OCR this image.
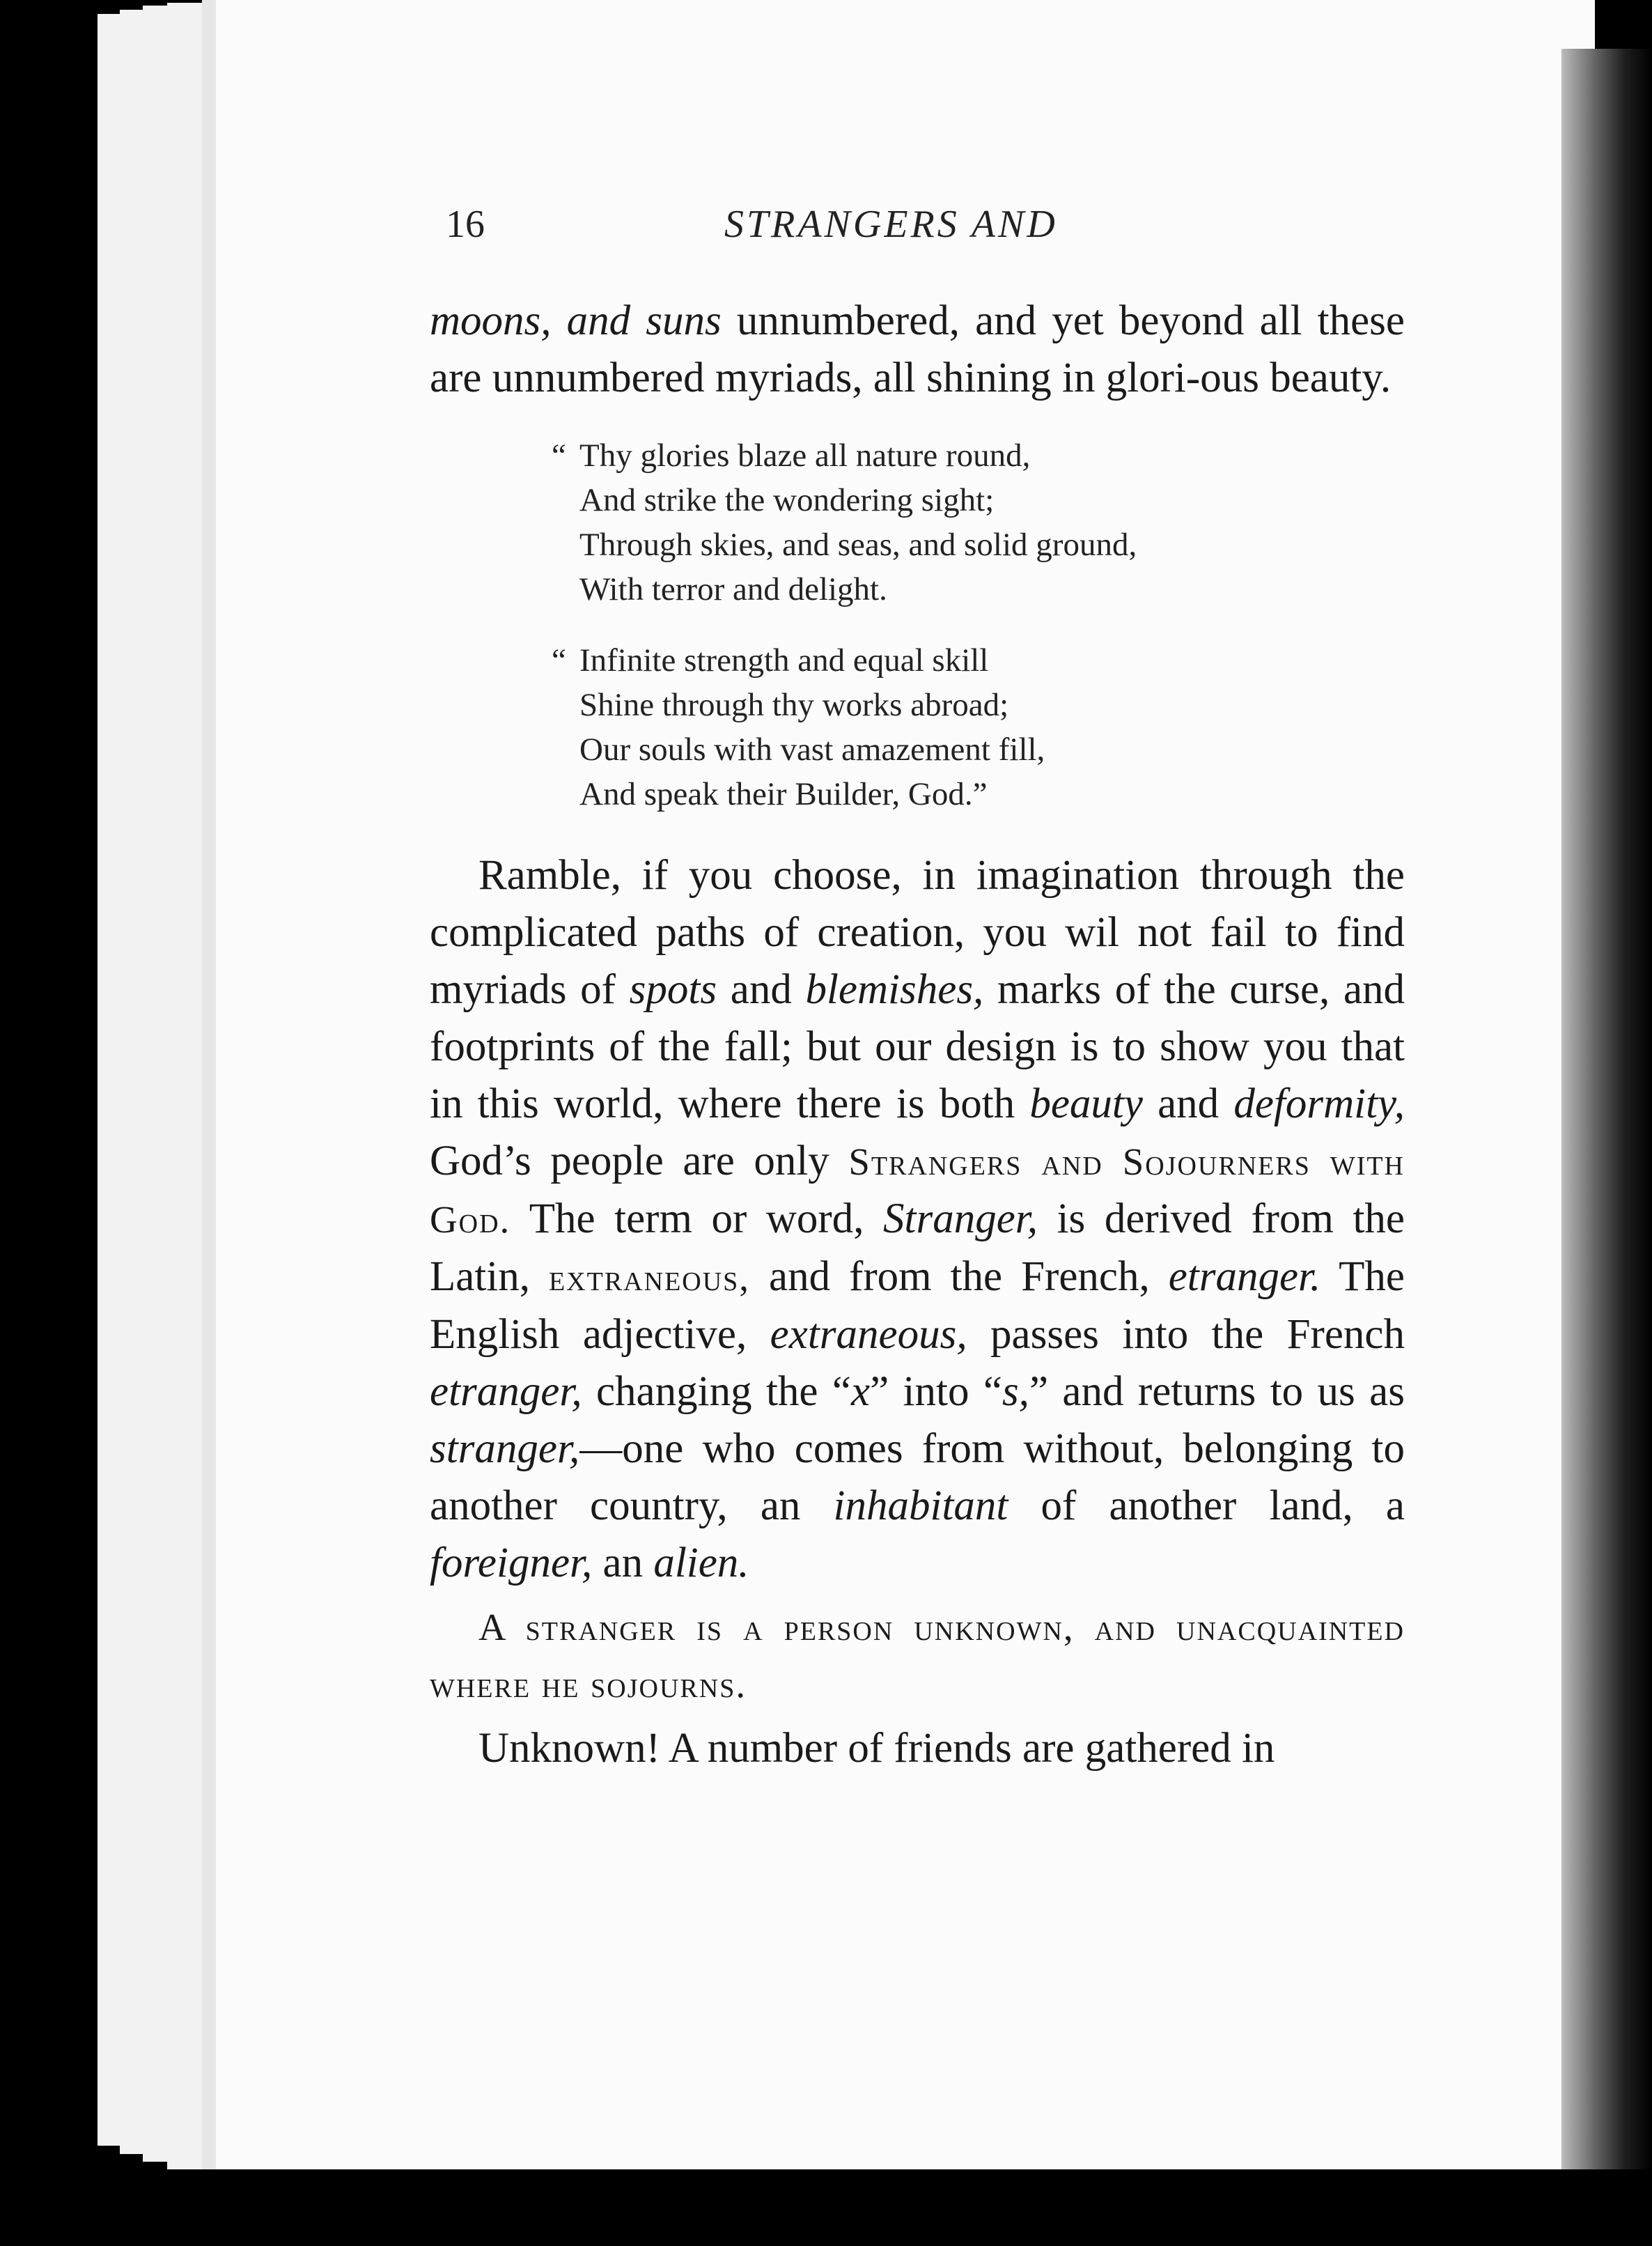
16	STRANGERS AND

moons, and suns unnumbered, and yet beyond all these are unnumbered myriads, all shining in glori-ous beauty.

“ Thy glories blaze all nature round,
And strike the wondering sight;
Through skies, and seas, and solid ground,
With terror and delight.
“ Infinite strength and equal skill
Shine through thy works abroad;
Our souls with vast amazement fill,
And speak their Builder, God.”

Ramble, if you choose, in imagination through the complicated paths of creation, you wil not fail to find myriads of spots and blemishes, marks of the curse, and footprints of the fall; but our design is to show you that in this world, where there is both beauty and deformity, God’s people are only Strangers and Sojourners with God. The term or word, Stranger, is derived from the Latin, extraneous, and from the French, etranger. The English adjective, extraneous, passes into the French etranger, changing the “x” into “s,” and returns to us as stranger,—one who comes from without, belonging to another country, an inhabitant of another land, a foreigner, an alien.

A stranger is a person unknown, and unacquainted where he sojourns.

Unknown! A number of friends are gathered in
